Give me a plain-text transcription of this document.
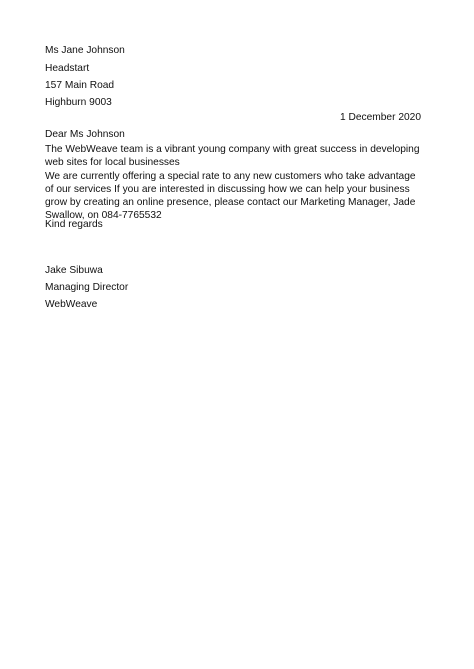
Ms Jane Johnson
Headstart
157 Main Road
Highburn 9003
1 December 2020
Dear Ms Johnson
The WebWeave team is a vibrant young company with great success in developing web sites for local businesses
We are currently offering a special rate to any new customers who take advantage of our services If you are interested in discussing how we can help your business grow by creating an online presence, please contact our Marketing Manager, Jade Swallow, on 084-7765532
Kind regards
Jake Sibuwa
Managing Director
WebWeave
